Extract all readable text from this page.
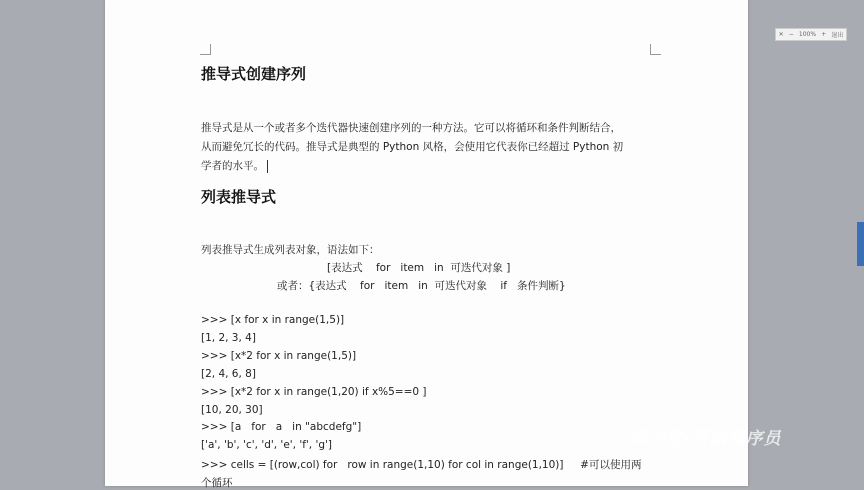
推导式创建序列
推导式是从一个或者多个迭代器快速创建序列的一种方法。它可以将循环和条件判断结合，
从而避免冗长的代码。推导式是典型的 Python 风格，会使用它代表你已经超过 Python 初
学者的水平。
列表推导式
列表推导式生成列表对象，语法如下：
[表达式    for   item   in  可迭代对象 ]
或者：{表达式    for   item   in  可迭代对象    if   条件判断}
>>> [x for x in range(1,5)]
[1, 2, 3, 4]
>>> [x*2 for x in range(1,5)]
[2, 4, 6, 8]
>>> [x*2 for x in range(1,20) if x%5==0 ]
[10, 20, 30]
>>> [a   for   a   in "abcdefg"]
['a', 'b', 'c', 'd', 'e', 'f', 'g']
>>> cells = [(row,col) for   row in range(1,10) for col in range(1,10)]     #可以使用两
个循环
✕ − 100% + 退出
尚学堂·百战程序员
